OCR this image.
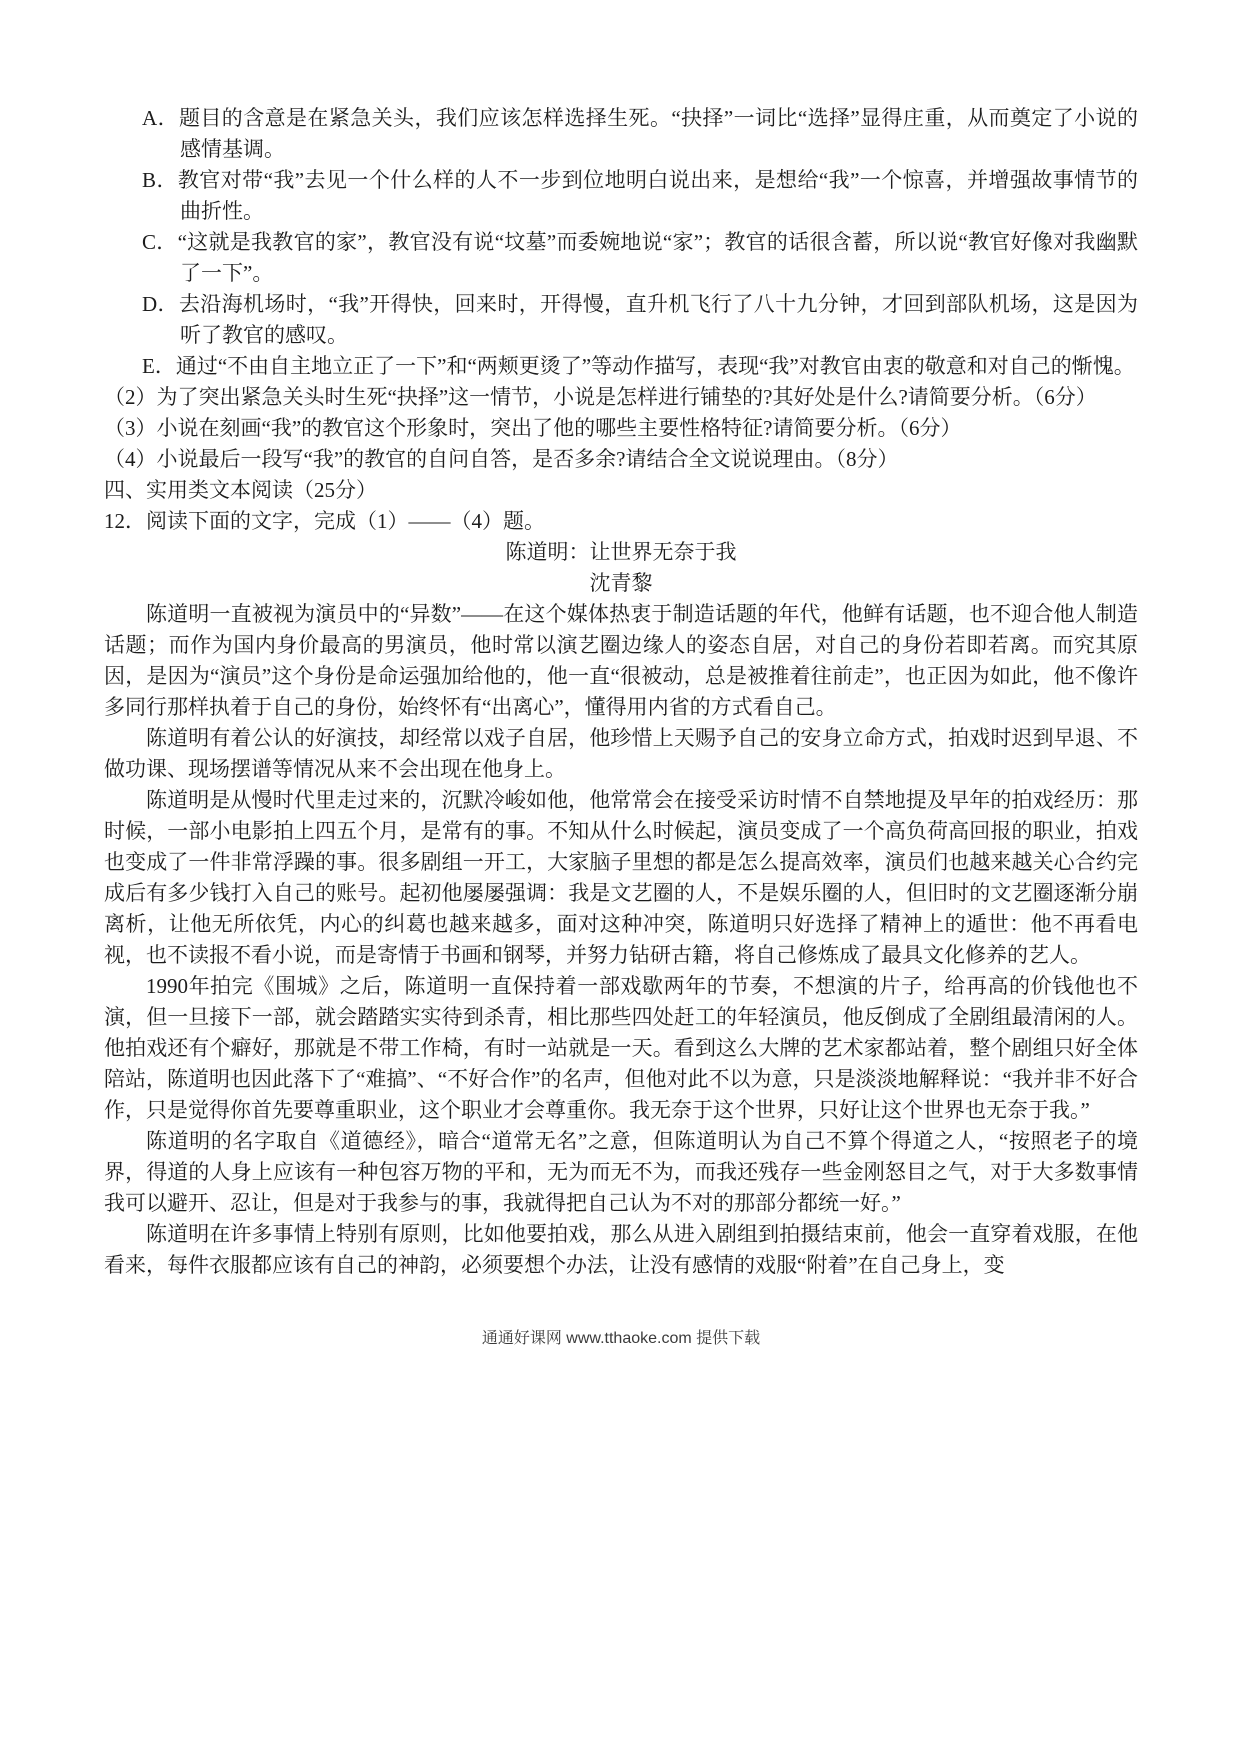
A．题目的含意是在紧急关头，我们应该怎样选择生死。“抉择”一词比“选择”显得庄重，从而奠定了小说的感情基调。
B．教官对带“我”去见一个什么样的人不一步到位地明白说出来，是想给“我”一个惊喜，并增强故事情节的曲折性。
C．“这就是我教官的家”，教官没有说“坟墓”而委婉地说“家”；教官的话很含蓄，所以说“教官好像对我幽默了一下”。
D．去沿海机场时，“我”开得快，回来时，开得慢，直升机飞行了八十九分钟，才回到部队机场，这是因为听了教官的感叹。
E．通过“不由自主地立正了一下”和“两颊更烫了”等动作描写，表现“我”对教官由衷的敬意和对自己的惭愧。
（2）为了突出紧急关头时生死“抉择”这一情节，小说是怎样进行铺垫的?其好处是什么?请简要分析。（6分）
（3）小说在刻画“我”的教官这个形象时，突出了他的哪些主要性格特征?请简要分析。（6分）
（4）小说最后一段写“我”的教官的自问自答，是否多余?请结合全文说说理由。（8分）
四、实用类文本阅读（25分）
12．阅读下面的文字，完成（1）——（4）题。
陈道明：让世界无奈于我
沈青黎

陈道明一直被视为演员中的“异数”——在这个媒体热衷于制造话题的年代，他鲜有话题，也不迎合他人制造话题；而作为国内身价最高的男演员，他时常以演艺圈边缘人的姿态自居，对自己的身份若即若离。而究其原因，是因为“演员”这个身份是命运强加给他的，他一直“很被动，总是被推着往前走”，也正因为如此，他不像许多同行那样执着于自己的身份，始终怀有“出离心”，懂得用内省的方式看自己。

陈道明有着公认的好演技，却经常以戏子自居，他珍惜上天赐予自己的安身立命方式，拍戏时迟到早退、不做功课、现场摆谱等情况从来不会出现在他身上。

陈道明是从慢时代里走过来的，沉默冷峻如他，他常常会在接受采访时情不自禁地提及早年的拍戏经历：那时候，一部小电影拍上四五个月，是常有的事。不知从什么时候起，演员变成了一个高负荷高回报的职业，拍戏也变成了一件非常浮躁的事。很多剧组一开工，大家脑子里想的都是怎么提高效率，演员们也越来越关心合约完成后有多少钱打入自己的账号。起初他屡屡强调：我是文艺圈的人，不是娱乐圈的人，但旧时的文艺圈逐渐分崩离析，让他无所依凭，内心的纠葛也越来越多，面对这种冲突，陈道明只好选择了精神上的遁世：他不再看电视，也不读报不看小说，而是寄情于书画和钢琴，并努力钻研古籍，将自己修炼成了最具文化修养的艺人。

1990年拍完《围城》之后，陈道明一直保持着一部戏歇两年的节奏，不想演的片子，给再高的价钱他也不演，但一旦接下一部，就会踏踏实实待到杀青，相比那些四处赶工的年轻演员，他反倒成了全剧组最清闲的人。他拍戏还有个癖好，那就是不带工作椅，有时一站就是一天。看到这么大牌的艺术家都站着，整个剧组只好全体陪站，陈道明也因此落下了“难搞”、“不好合作”的名声，但他对此不以为意，只是淡淡地解释说：“我并非不好合作，只是觉得你首先要尊重职业，这个职业才会尊重你。我无奈于这个世界，只好让这个世界也无奈于我。”

陈道明的名字取自《道德经》，暗合“道常无名”之意，但陈道明认为自己不算个得道之人，“按照老子的境界，得道的人身上应该有一种包容万物的平和，无为而无不为，而我还残存一些金刚怒目之气，对于大多数事情我可以避开、忍让，但是对于我参与的事，我就得把自己认为不对的那部分都统一好。”

陈道明在许多事情上特别有原则，比如他要拍戏，那么从进入剧组到拍摄结束前，他会一直穿着戏服，在他看来，每件衣服都应该有自己的神韵，必须要想个办法，让没有感情的戏服“附着”在自己身上，变

通通好课网 www.tthaoke.com 提供下载
